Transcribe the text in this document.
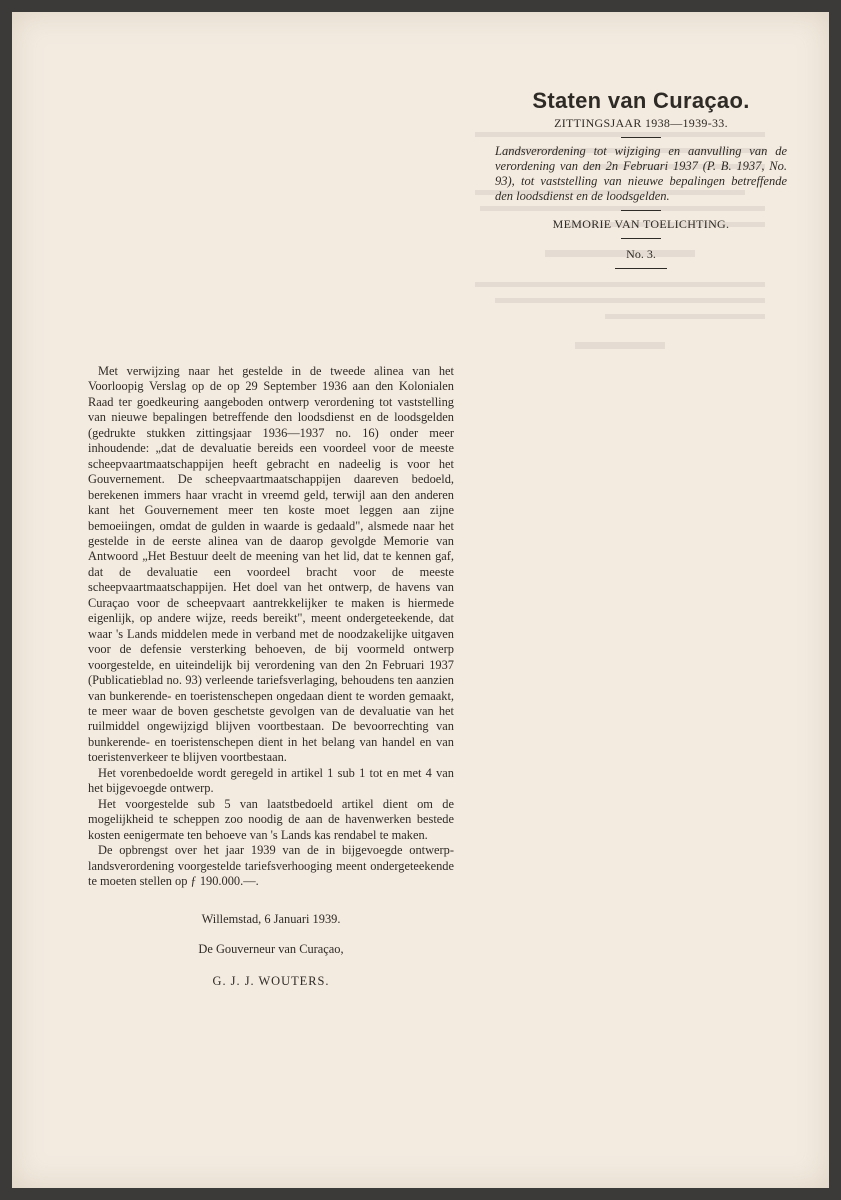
Staten van Curaçao.
ZITTINGSJAAR 1938—1939-33.
Landsverordening tot wijziging en aanvulling van de verordening van den 2n Februari 1937 (P. B. 1937, No. 93), tot vaststelling van nieuwe bepalingen betreffende den loodsdienst en de loodsgelden.
MEMORIE VAN TOELICHTING.
No. 3.

Met verwijzing naar het gestelde in de tweede alinea van het Voorloopig Verslag op de op 29 September 1936 aan den Kolonialen Raad ter goedkeuring aangeboden ontwerp verordening tot vaststelling van nieuwe bepalingen betreffende den loodsdienst en de loodsgelden (gedrukte stukken zittingsjaar 1936—1937 no. 16) onder meer inhoudende: „dat de devaluatie bereids een voordeel voor de meeste scheepvaartmaatschappijen heeft gebracht en nadeelig is voor het Gouvernement. De scheepvaartmaatschappijen daareven bedoeld, berekenen immers haar vracht in vreemd geld, terwijl aan den anderen kant het Gouvernement meer ten koste moet leggen aan zijne bemoeiingen, omdat de gulden in waarde is gedaald", alsmede naar het gestelde in de eerste alinea van de daarop gevolgde Memorie van Antwoord „Het Bestuur deelt de meening van het lid, dat te kennen gaf, dat de devaluatie een voordeel bracht voor de meeste scheepvaartmaatschappijen. Het doel van het ontwerp, de havens van Curaçao voor de scheepvaart aantrekkelijker te maken is hiermede eigenlijk, op andere wijze, reeds bereikt", meent ondergeteekende, dat waar 's Lands middelen mede in verband met de noodzakelijke uitgaven voor de defensie versterking behoeven, de bij voormeld ontwerp voorgestelde, en uiteindelijk bij verordening van den 2n Februari 1937 (Publicatieblad no. 93) verleende tariefsverlaging, behoudens ten aanzien van bunkerende- en toeristenschepen ongedaan dient te worden gemaakt, te meer waar de boven geschetste gevolgen van de devaluatie van het ruilmiddel ongewijzigd blijven voortbestaan. De bevoorrechting van bunkerende- en toeristenschepen dient in het belang van handel en van toeristenverkeer te blijven voortbestaan.

Het vorenbedoelde wordt geregeld in artikel 1 sub 1 tot en met 4 van het bijgevoegde ontwerp.

Het voorgestelde sub 5 van laatstbedoeld artikel dient om de mogelijkheid te scheppen zoo noodig de aan de havenwerken bestede kosten eenigermate ten behoeve van 's Lands kas rendabel te maken.

De opbrengst over het jaar 1939 van de in bijgevoegde ontwerp-landsverordening voorgestelde tariefsverhooging meent ondergeteekende te moeten stellen op ƒ 190.000.—.

Willemstad, 6 Januari 1939.
De Gouverneur van Curaçao,
G. J. J. WOUTERS.
